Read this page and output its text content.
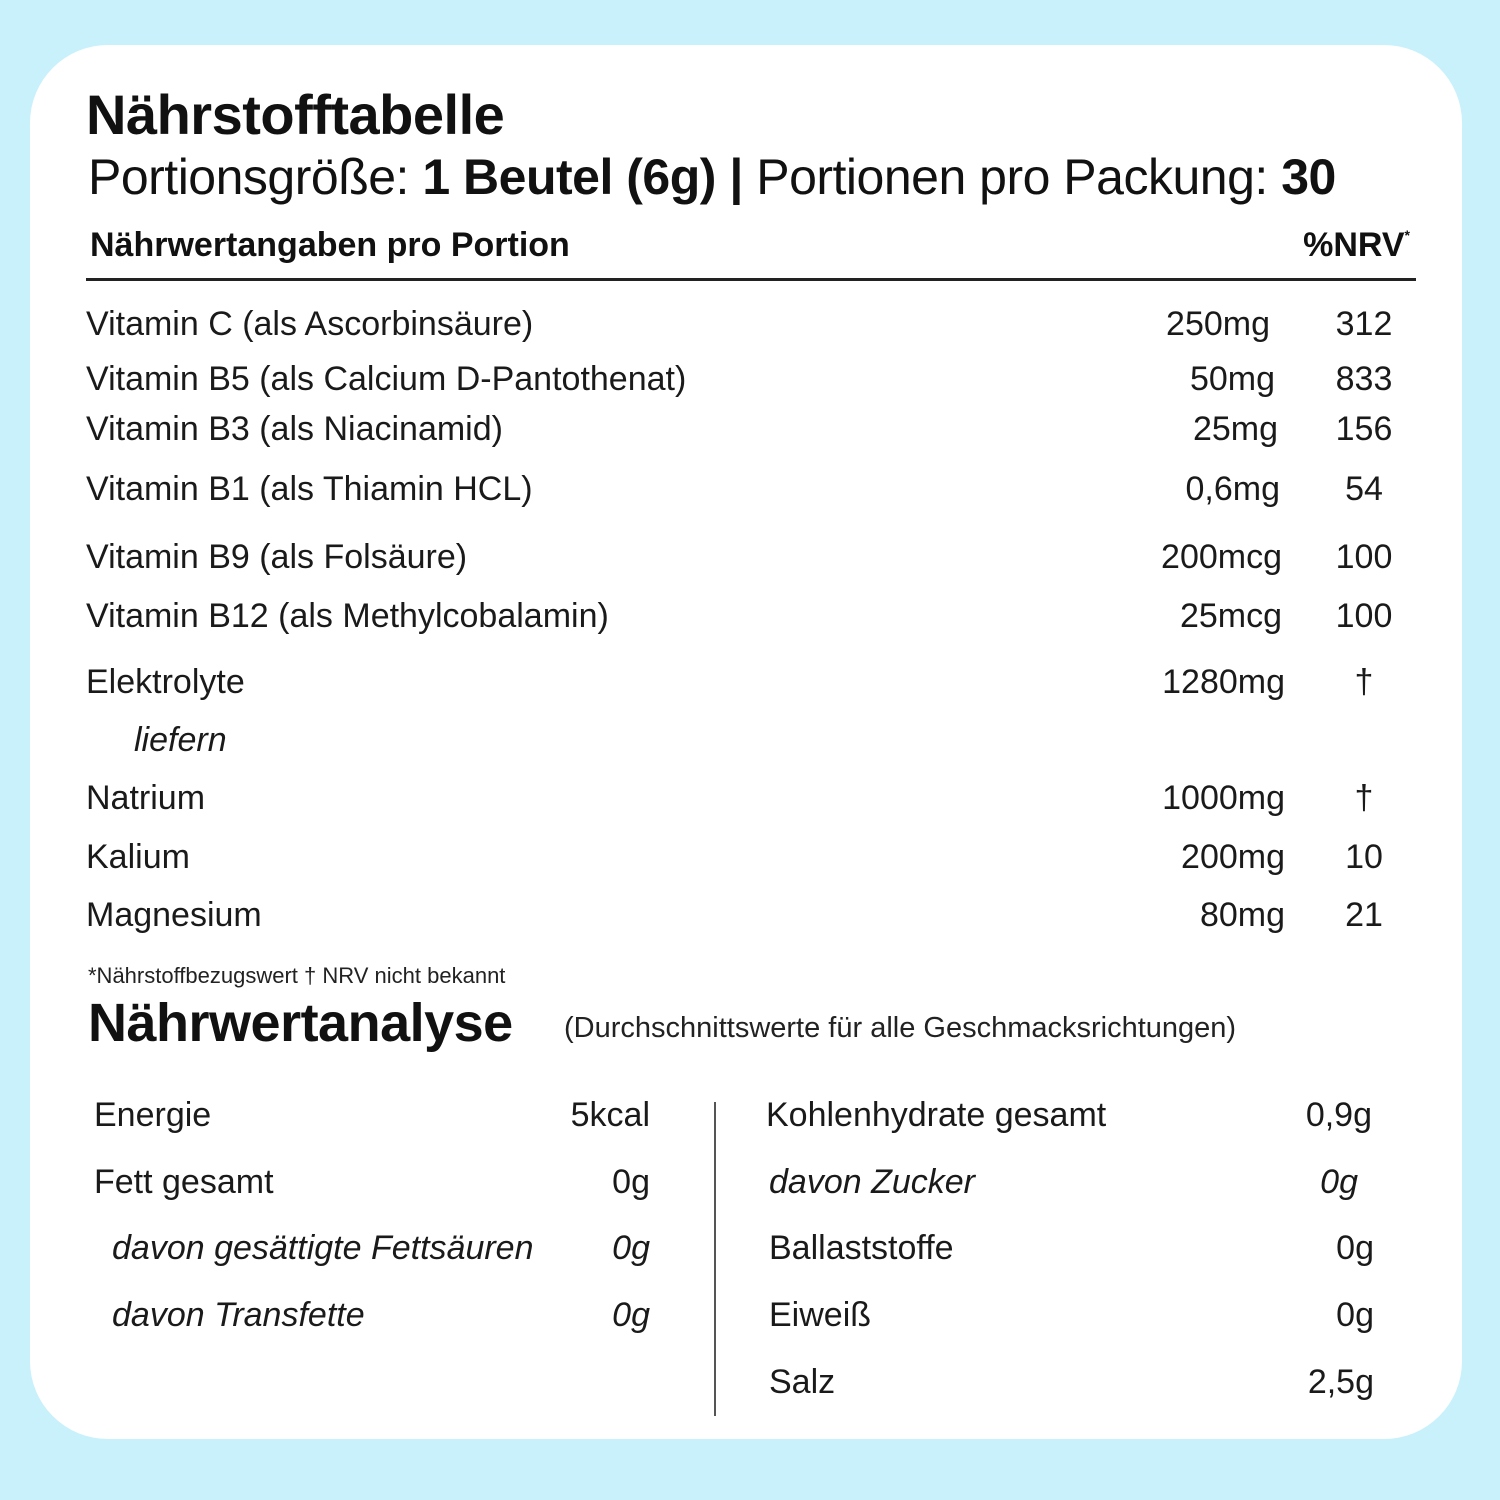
Nährstofftabelle
Portionsgröße: 1 Beutel (6g) | Portionen pro Packung: 30
Nährwertangaben pro Portion	%NRV*
Vitamin C (als Ascorbinsäure)	250mg	312
Vitamin B5 (als Calcium D-Pantothenat)	50mg	833
Vitamin B3 (als Niacinamid)	25mg	156
Vitamin B1 (als Thiamin HCL)	0,6mg	54
Vitamin B9 (als Folsäure)	200mcg	100
Vitamin B12 (als Methylcobalamin)	25mcg	100
Elektrolyte	1280mg	†
liefern
Natrium	1000mg	†
Kalium	200mg	10
Magnesium	80mg	21
*Nährstoffbezugswert † NRV nicht bekannt
Nährwertanalyse (Durchschnittswerte für alle Geschmacksrichtungen)
Energie	5kcal
Fett gesamt	0g
davon gesättigte Fettsäuren	0g
davon Transfette	0g
Kohlenhydrate gesamt	0,9g
davon Zucker	0g
Ballaststoffe	0g
Eiweiß	0g
Salz	2,5g
